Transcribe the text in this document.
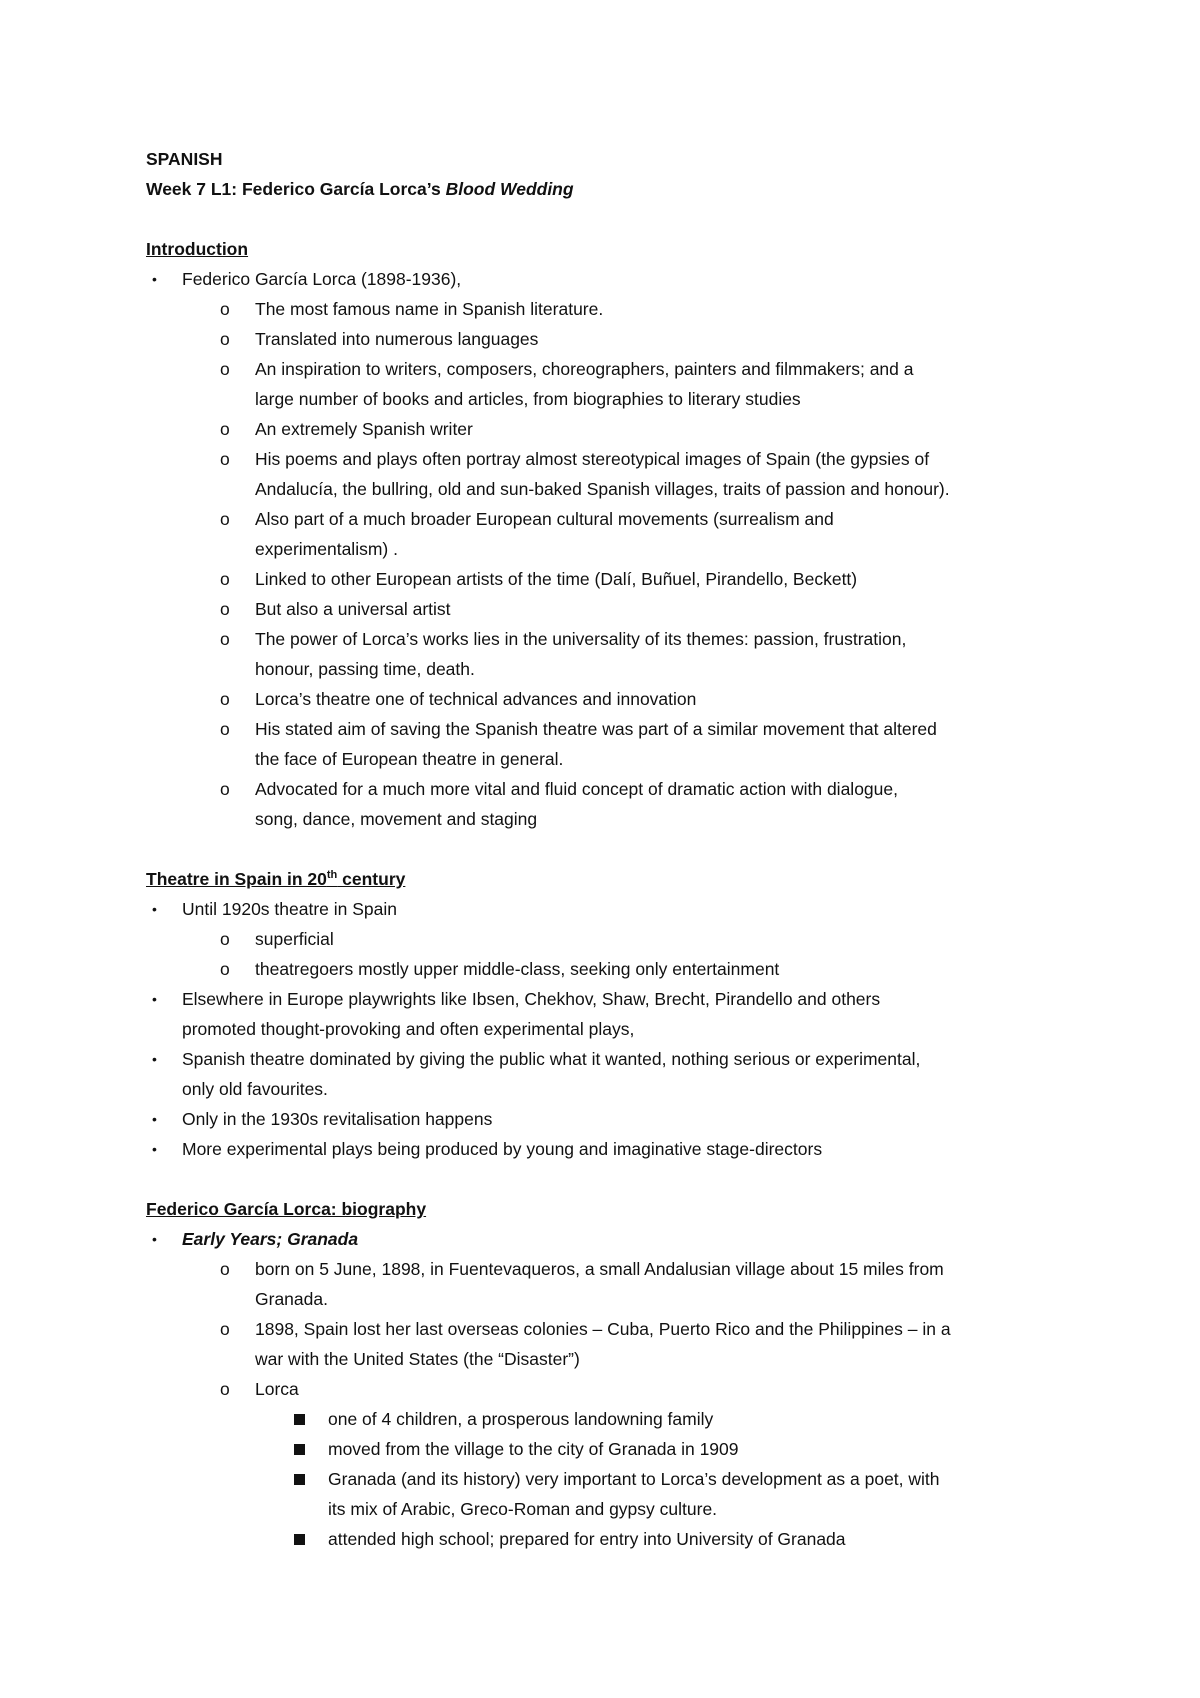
SPANISH

Week 7 L1: Federico García Lorca’s Blood Wedding

Introduction

• Federico García Lorca (1898-1936),
o The most famous name in Spanish literature.
o Translated into numerous languages
o An inspiration to writers, composers, choreographers, painters and filmmakers; and a
large number of books and articles, from biographies to literary studies
o An extremely Spanish writer
o His poems and plays often portray almost stereotypical images of Spain (the gypsies of
Andalucía, the bullring, old and sun-baked Spanish villages, traits of passion and honour).
o Also part of a much broader European cultural movements (surrealism and
experimentalism) .
o Linked to other European artists of the time (Dalí, Buñuel, Pirandello, Beckett)
o But also a universal artist
o The power of Lorca’s works lies in the universality of its themes: passion, frustration,
honour, passing time, death.
o Lorca’s theatre one of technical advances and innovation
o His stated aim of saving the Spanish theatre was part of a similar movement that altered
the face of European theatre in general.
o Advocated for a much more vital and fluid concept of dramatic action with dialogue,
song, dance, movement and staging

Theatre in Spain in 20th century

• Until 1920s theatre in Spain
o superficial
o theatregoers mostly upper middle-class, seeking only entertainment
• Elsewhere in Europe playwrights like Ibsen, Chekhov, Shaw, Brecht, Pirandello and others
promoted thought-provoking and often experimental plays,
• Spanish theatre dominated by giving the public what it wanted, nothing serious or experimental,
only old favourites.
• Only in the 1930s revitalisation happens
• More experimental plays being produced by young and imaginative stage-directors

Federico García Lorca: biography

• Early Years; Granada
o born on 5 June, 1898, in Fuentevaqueros, a small Andalusian village about 15 miles from
Granada.
o 1898, Spain lost her last overseas colonies – Cuba, Puerto Rico and the Philippines – in a
war with the United States (the “Disaster”)
o Lorca
one of 4 children, a prosperous landowning family
moved from the village to the city of Granada in 1909
Granada (and its history) very important to Lorca’s development as a poet, with
its mix of Arabic, Greco-Roman and gypsy culture.
attended high school; prepared for entry into University of Granada
